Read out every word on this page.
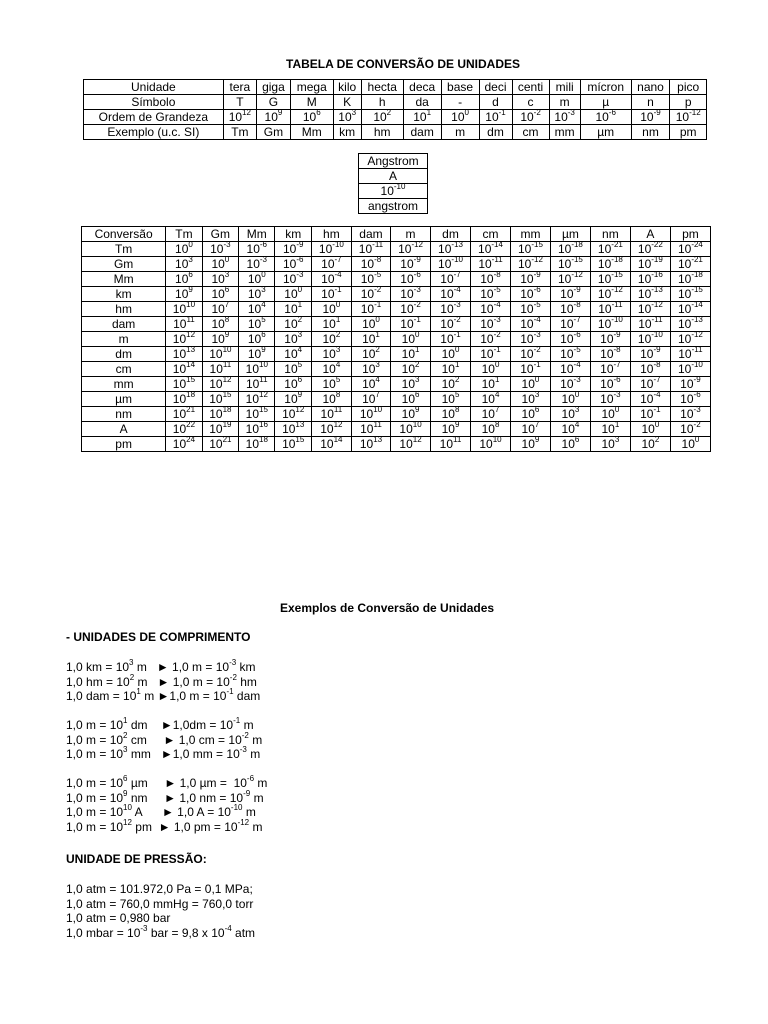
TABELA DE CONVERSÃO DE UNIDADES
Unidade	tera	giga	mega	kilo	hecta	deca	base	deci	centi	mili	mícron	nano	pico
Símbolo	T	G	M	K	h	da	-	d	c	m	µ	n	p
Ordem de Grandeza	$10^{12}$	$10^9$	$10^6$	$10^3$	$10^2$	$10^1$	$10^0$	$10^{-1}$	$10^{-2}$	$10^{-3}$	$10^{-6}$	$10^{-9}$	$10^{-12}$
Exemplo (u.c. SI)	Tm	Gm	Mm	km	hm	dam	m	dm	cm	mm	µm	nm	pm
Angstrom
A
$10^{-10}$
angstrom
Conversão	Tm	Gm	Mm	km	hm	dam	m	dm	cm	mm	µm	nm	A	pm
Tm	$10^0$	$10^{-3}$	$10^{-6}$	$10^{-9}$	$10^{-10}$	$10^{-11}$	$10^{-12}$	$10^{-13}$	$10^{-14}$	$10^{-15}$	$10^{-18}$	$10^{-21}$	$10^{-22}$	$10^{-24}$
Gm	$10^3$	$10^0$	$10^{-3}$	$10^{-6}$	$10^{-7}$	$10^{-8}$	$10^{-9}$	$10^{-10}$	$10^{-11}$	$10^{-12}$	$10^{-15}$	$10^{-18}$	$10^{-19}$	$10^{-21}$
Mm	$10^6$	$10^3$	$10^0$	$10^{-3}$	$10^{-4}$	$10^{-5}$	$10^{-6}$	$10^{-7}$	$10^{-8}$	$10^{-9}$	$10^{-12}$	$10^{-15}$	$10^{-16}$	$10^{-18}$
km	$10^9$	$10^6$	$10^3$	$10^0$	$10^{-1}$	$10^{-2}$	$10^{-3}$	$10^{-4}$	$10^{-5}$	$10^{-6}$	$10^{-9}$	$10^{-12}$	$10^{-13}$	$10^{-15}$
hm	$10^{10}$	$10^7$	$10^4$	$10^1$	$10^0$	$10^{-1}$	$10^{-2}$	$10^{-3}$	$10^{-4}$	$10^{-5}$	$10^{-8}$	$10^{-11}$	$10^{-12}$	$10^{-14}$
dam	$10^{11}$	$10^8$	$10^5$	$10^2$	$10^1$	$10^0$	$10^{-1}$	$10^{-2}$	$10^{-3}$	$10^{-4}$	$10^{-7}$	$10^{-10}$	$10^{-11}$	$10^{-13}$
m	$10^{12}$	$10^9$	$10^6$	$10^3$	$10^2$	$10^1$	$10^0$	$10^{-1}$	$10^{-2}$	$10^{-3}$	$10^{-6}$	$10^{-9}$	$10^{-10}$	$10^{-12}$
dm	$10^{13}$	$10^{10}$	$10^9$	$10^4$	$10^3$	$10^2$	$10^1$	$10^0$	$10^{-1}$	$10^{-2}$	$10^{-5}$	$10^{-8}$	$10^{-9}$	$10^{-11}$
cm	$10^{14}$	$10^{11}$	$10^{10}$	$10^5$	$10^4$	$10^3$	$10^2$	$10^1$	$10^0$	$10^{-1}$	$10^{-4}$	$10^{-7}$	$10^{-8}$	$10^{-10}$
mm	$10^{15}$	$10^{12}$	$10^{11}$	$10^6$	$10^5$	$10^4$	$10^3$	$10^2$	$10^1$	$10^0$	$10^{-3}$	$10^{-6}$	$10^{-7}$	$10^{-9}$
µm	$10^{18}$	$10^{15}$	$10^{12}$	$10^9$	$10^8$	$10^7$	$10^6$	$10^5$	$10^4$	$10^3$	$10^0$	$10^{-3}$	$10^{-4}$	$10^{-6}$
nm	$10^{21}$	$10^{18}$	$10^{15}$	$10^{12}$	$10^{11}$	$10^{10}$	$10^9$	$10^8$	$10^7$	$10^6$	$10^3$	$10^0$	$10^{-1}$	$10^{-3}$
A	$10^{22}$	$10^{19}$	$10^{16}$	$10^{13}$	$10^{12}$	$10^{11}$	$10^{10}$	$10^9$	$10^8$	$10^7$	$10^4$	$10^1$	$10^0$	$10^{-2}$
pm	$10^{24}$	$10^{21}$	$10^{18}$	$10^{15}$	$10^{14}$	$10^{13}$	$10^{12}$	$10^{11}$	$10^{10}$	$10^9$	$10^6$	$10^3$	$10^2$	$10^0$
Exemplos de Conversão de Unidades
- UNIDADES DE COMPRIMENTO
1,0 km = $10^3$ m   ► 1,0 $m = 10^{-3}$ km
1,0 hm = $10^2$ m   ► 1,0 $m = 10^{-2}$ hm
1,0 dam = $10^1$ m ►1,0 $m = 10^{-1}$ dam
1,0 $m = 10^1$ dm    ►1,0dm = $10^{-1}$ m
1,0 $m = 10^2$ cm     ► 1,0 cm = $10^{-2}$ m
1,0 $m = 10^3$ mm   ►1,0 mm = $10^{-3}$ m
1,0 $m = 10^6$ µm     ► 1,0 $\mu m = 10^{-6}$ m
1,0 $m = 10^9$ nm     ► 1,0 nm = $10^{-9}$ m
1,0 $m = 10^{10}$ A      ► 1,0 $A = 10^{-10}$ m
1,0 $m = 10^{12}$ pm  ► 1,0 pm = $10^{-12}$ m
UNIDADE DE PRESSÃO:
1,0 atm = 101.972,0 Pa = 0,1 MPa;
1,0 atm = 760,0 mmHg = 760,0 torr
1,0 atm = 0,980 bar
1,0 mbar = $10^{-3}$ bar = 9,8 x $10^{-4}$ atm
